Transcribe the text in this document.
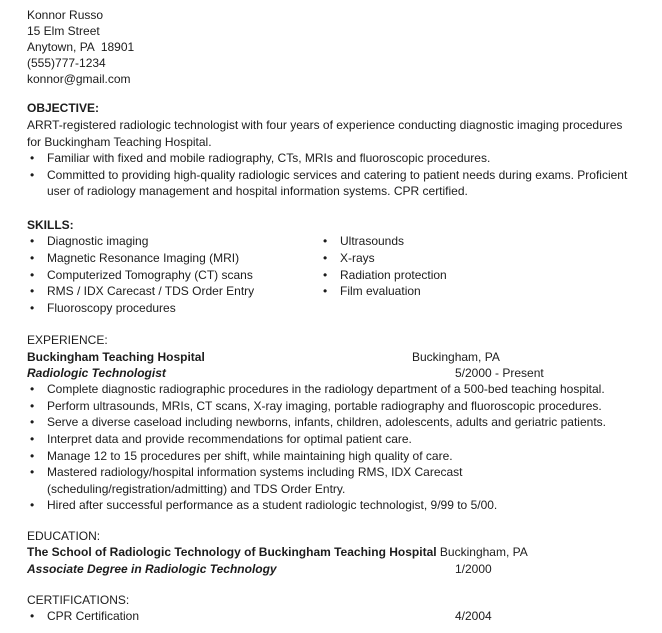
Konnor Russo
15 Elm Street
Anytown, PA  18901
(555)777-1234
konnor@gmail.com
OBJECTIVE:

ARRT-registered radiologic technologist with four years of experience conducting diagnostic imaging procedures for Buckingham Teaching Hospital.

• Familiar with fixed and mobile radiography, CTs, MRIs and fluoroscopic procedures.
• Committed to providing high-quality radiologic services and catering to patient needs during exams. Proficient user of radiology management and hospital information systems. CPR certified.
SKILLS:
• Diagnostic imaging
• Magnetic Resonance Imaging (MRI)
• Computerized Tomography (CT) scans
• RMS / IDX Carecast / TDS Order Entry
• Fluoroscopy procedures
• Ultrasounds
• X-rays
• Radiation protection
• Film evaluation
EXPERIENCE:
Buckingham Teaching Hospital	Buckingham, PA
Radiologic Technologist	5/2000 - Present
• Complete diagnostic radiographic procedures in the radiology department of a 500-bed teaching hospital.
• Perform ultrasounds, MRIs, CT scans, X-ray imaging, portable radiography and fluoroscopic procedures.
• Serve a diverse caseload including newborns, infants, children, adolescents, adults and geriatric patients.
• Interpret data and provide recommendations for optimal patient care.
• Manage 12 to 15 procedures per shift, while maintaining high quality of care.
• Mastered radiology/hospital information systems including RMS, IDX Carecast (scheduling/registration/admitting) and TDS Order Entry.
• Hired after successful performance as a student radiologic technologist, 9/99 to 5/00.
EDUCATION:
The School of Radiologic Technology of Buckingham Teaching Hospital Buckingham, PA
Associate Degree in Radiologic Technology	1/2000
CERTIFICATIONS:
• CPR Certification	4/2004
